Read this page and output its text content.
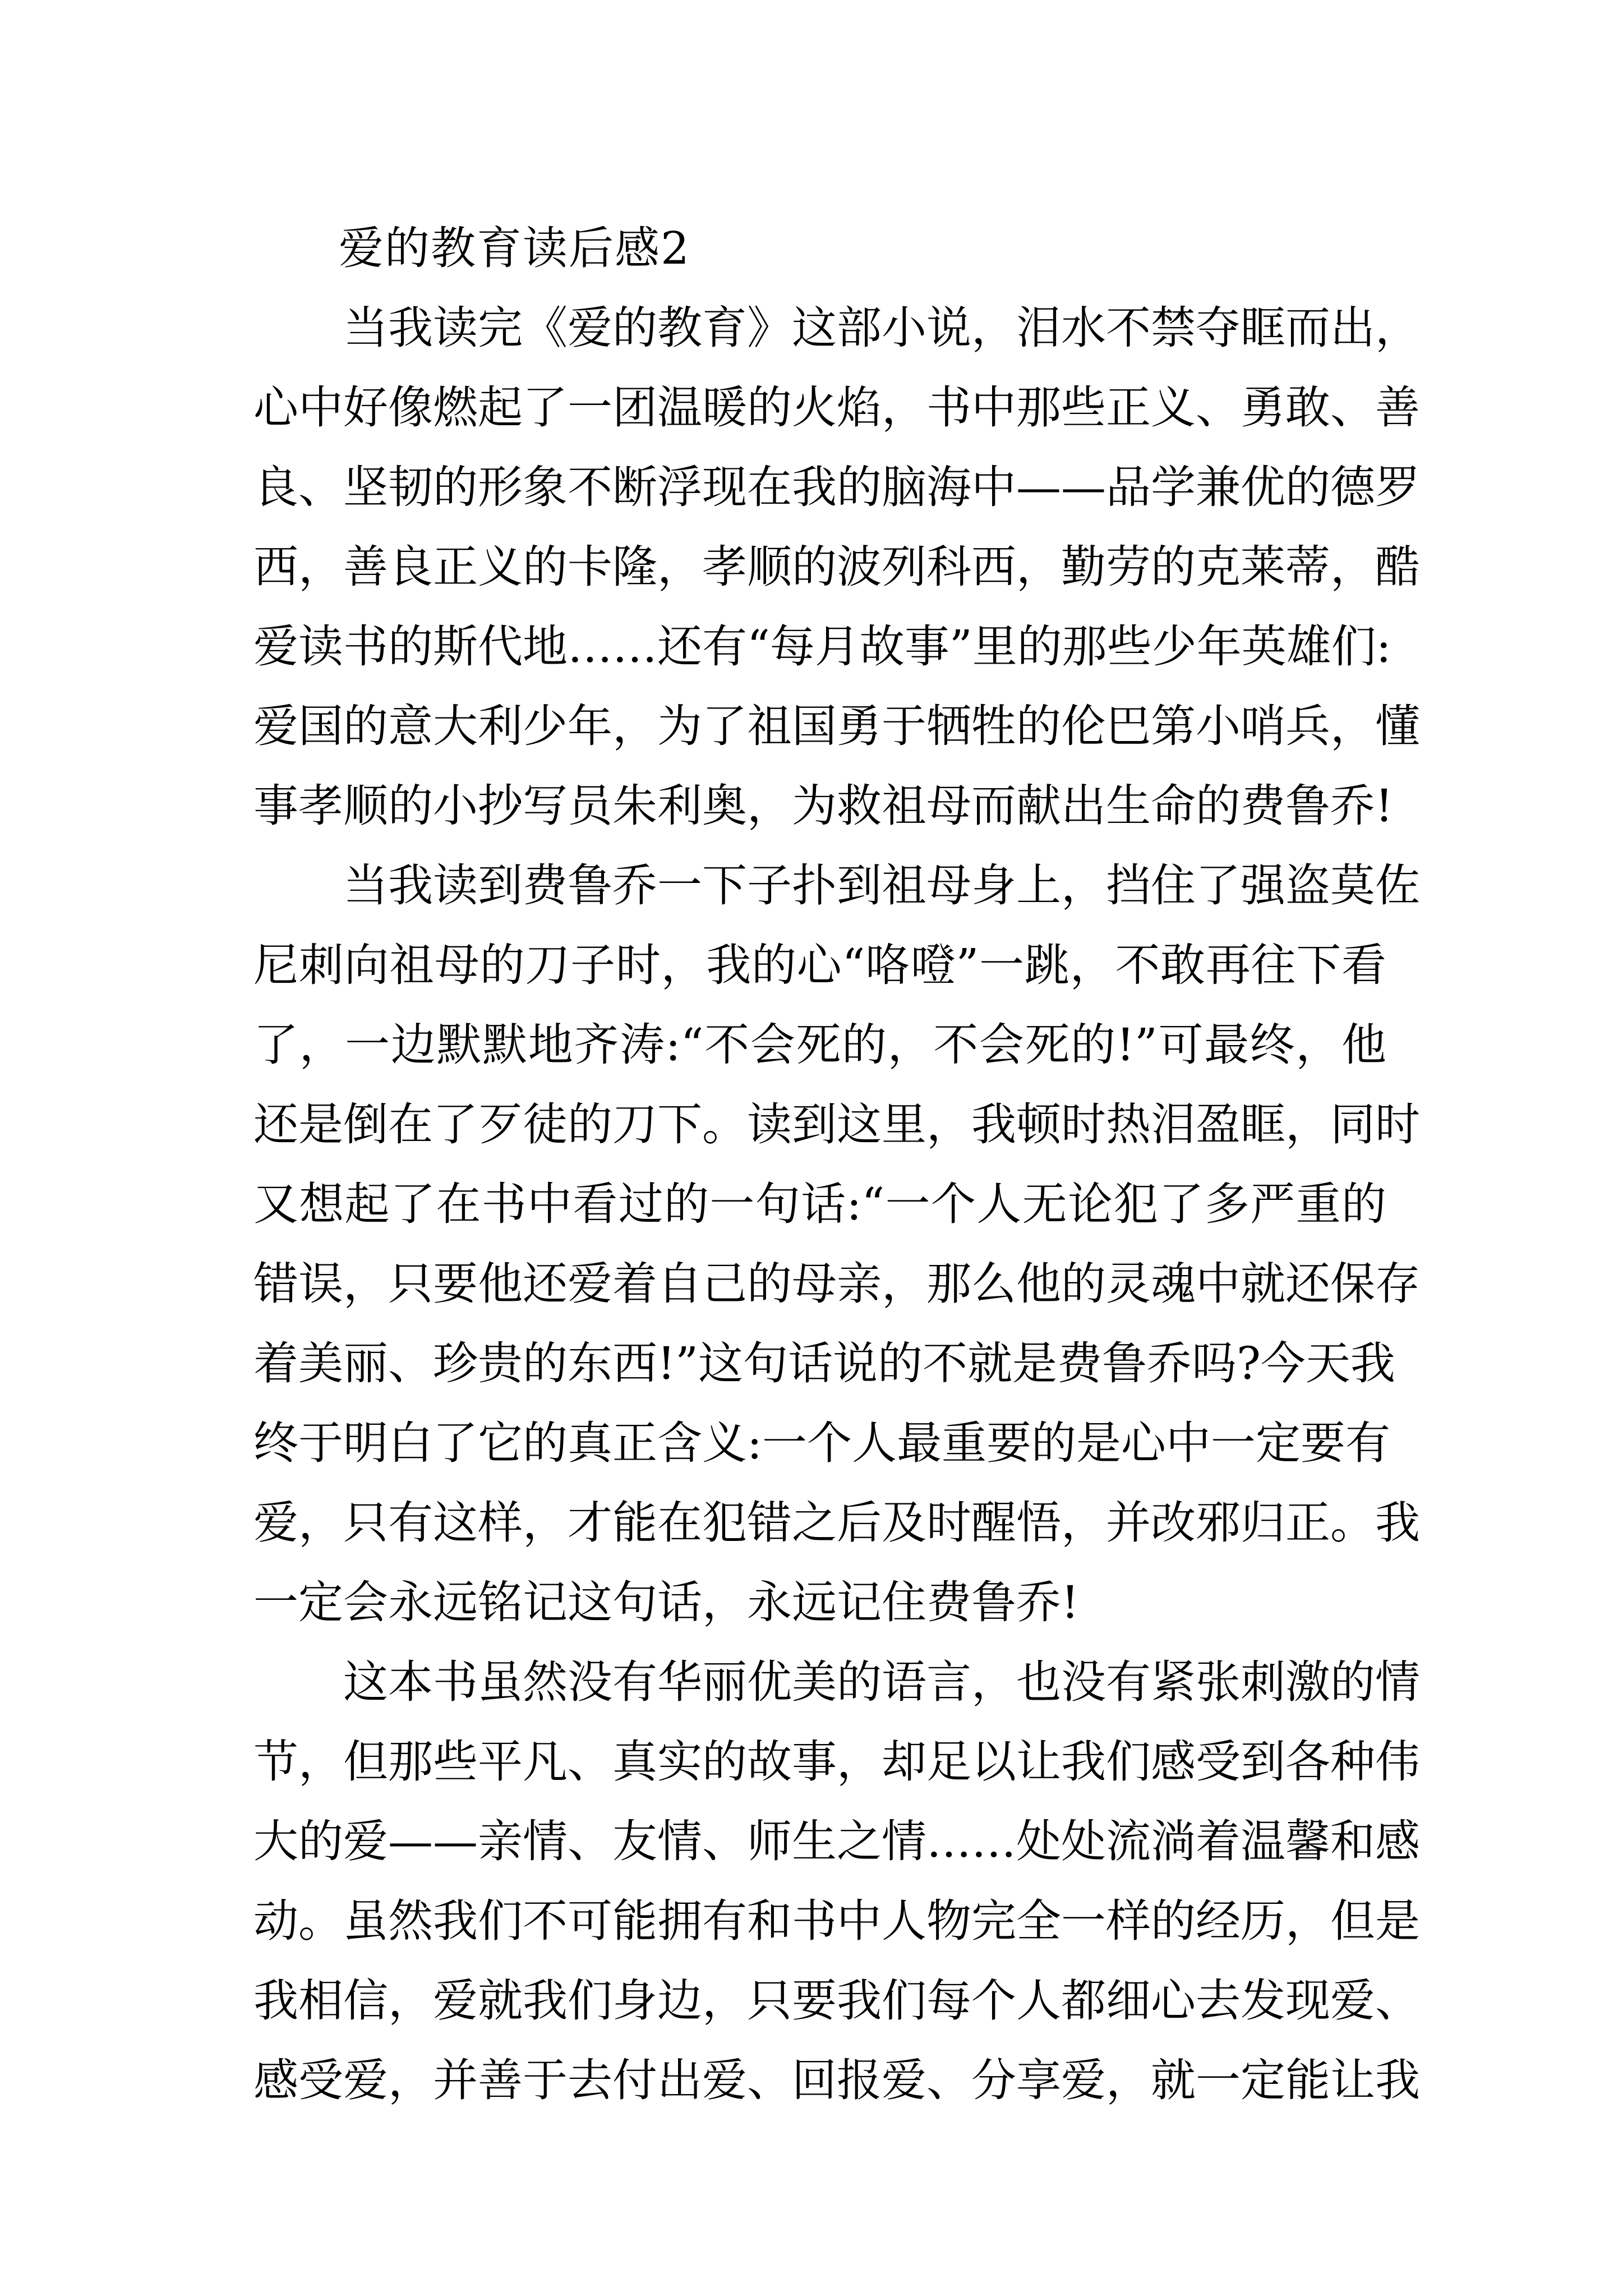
爱的教育读后感2
当我读完《爱的教育》这部小说，泪水不禁夺眶而出，
心中好像燃起了一团温暖的火焰，书中那些正义、勇敢、善
良、坚韧的形象不断浮现在我的脑海中——品学兼优的德罗
西，善良正义的卡隆，孝顺的波列科西，勤劳的克莱蒂，酷
爱读书的斯代地……还有“每月故事”里的那些少年英雄们:
爱国的意大利少年，为了祖国勇于牺牲的伦巴第小哨兵，懂
事孝顺的小抄写员朱利奥，为救祖母而献出生命的费鲁乔!
当我读到费鲁乔一下子扑到祖母身上，挡住了强盗莫佐
尼刺向祖母的刀子时，我的心“咯噔”一跳，不敢再往下看
了，一边默默地齐涛:“不会死的，不会死的!”可最终，他
还是倒在了歹徒的刀下。读到这里，我顿时热泪盈眶，同时
又想起了在书中看过的一句话:“一个人无论犯了多严重的
错误，只要他还爱着自己的母亲，那么他的灵魂中就还保存
着美丽、珍贵的东西!”这句话说的不就是费鲁乔吗?今天我
终于明白了它的真正含义:一个人最重要的是心中一定要有
爱，只有这样，才能在犯错之后及时醒悟，并改邪归正。我
一定会永远铭记这句话，永远记住费鲁乔!
这本书虽然没有华丽优美的语言，也没有紧张刺激的情
节，但那些平凡、真实的故事，却足以让我们感受到各种伟
大的爱——亲情、友情、师生之情……处处流淌着温馨和感
动。虽然我们不可能拥有和书中人物完全一样的经历，但是
我相信，爱就我们身边，只要我们每个人都细心去发现爱、
感受爱，并善于去付出爱、回报爱、分享爱，就一定能让我
